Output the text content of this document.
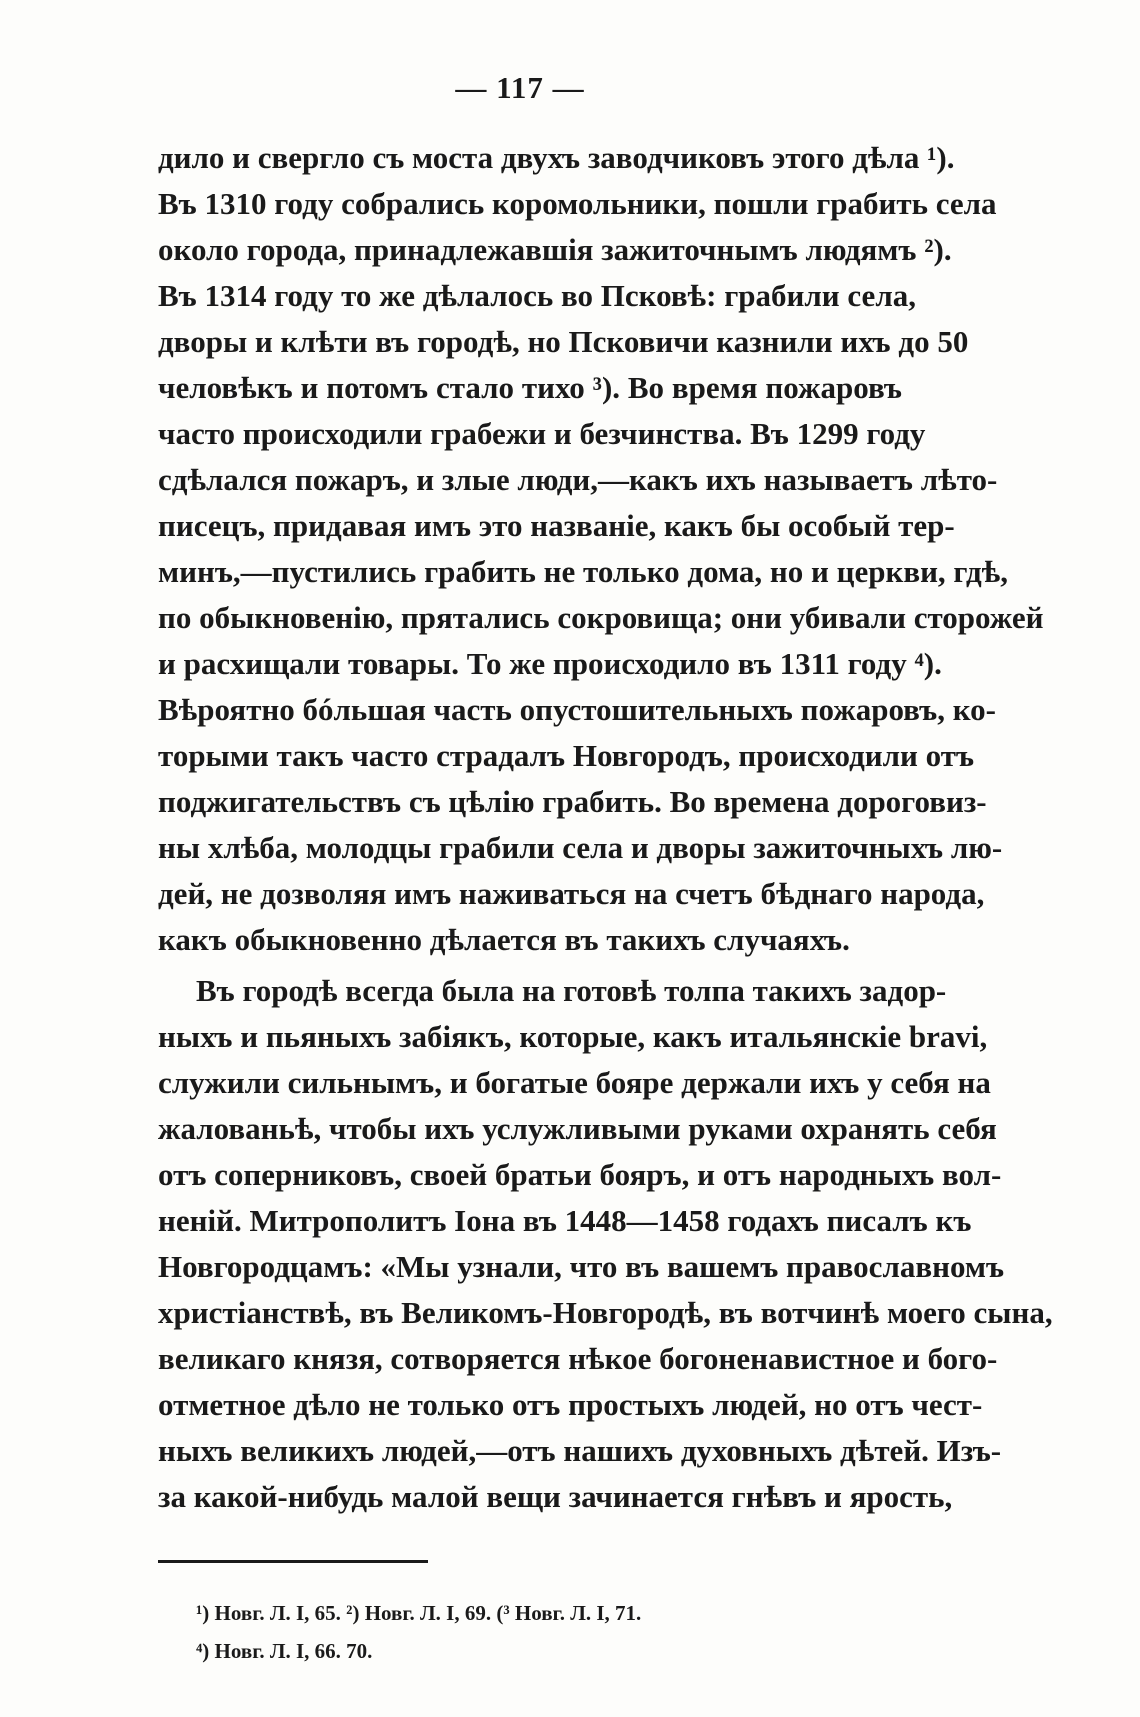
— 117 —
дило и свергло съ моста двухъ заводчиковъ этого дѣла ¹).
Въ 1310 году собрались коромольники, пошли грабить села
около города, принадлежавшія зажиточнымъ людямъ ²).
Въ 1314 году то же дѣлалось во Псковѣ: грабили села,
дворы и клѣти въ городѣ, но Псковичи казнили ихъ до 50
человѣкъ и потомъ стало тихо ³). Во время пожаровъ
часто происходили грабежи и безчинства. Въ 1299 году
сдѣлался пожаръ, и злые люди,—какъ ихъ называетъ лѣто-
писецъ, придавая имъ это названіе, какъ бы особый тер-
минъ,—пустились грабить не только дома, но и церкви, гдѣ,
по обыкновенію, прятались сокровища; они убивали сторожей
и расхищали товары. То же происходило въ 1311 году ⁴).
Вѣроятно бóльшая часть опустошительныхъ пожаровъ, ко-
торыми такъ часто страдалъ Новгородъ, происходили отъ
поджигательствъ съ цѣлію грабить. Во времена дороговиз-
ны хлѣба, молодцы грабили села и дворы зажиточныхъ лю-
дей, не дозволяя имъ наживаться на счетъ бѣднаго народа,
какъ обыкновенно дѣлается въ такихъ случаяхъ.
Въ городѣ всегда была на готовѣ толпа такихъ задор-
ныхъ и пьяныхъ забіякъ, которые, какъ итальянскіе bravi,
служили сильнымъ, и богатые бояре держали ихъ у себя на
жалованьѣ, чтобы ихъ услужливыми руками охранять себя
отъ соперниковъ, своей братьи бояръ, и отъ народныхъ вол-
неній. Митрополитъ Іона въ 1448—1458 годахъ писалъ къ
Новгородцамъ: «Мы узнали, что въ вашемъ православномъ
христіанствѣ, въ Великомъ-Новгородѣ, въ вотчинѣ моего сына,
великаго князя, сотворяется нѣкое богоненавистное и бого-
отметное дѣло не только отъ простыхъ людей, но отъ чест-
ныхъ великихъ людей,—отъ нашихъ духовныхъ дѣтей. Изъ-
за какой-нибудь малой вещи зачинается гнѣвъ и ярость,
¹) Новг. Л. I, 65. ²) Новг. Л. I, 69. (³ Новг. Л. I, 71.
⁴) Новг. Л. I, 66. 70.
